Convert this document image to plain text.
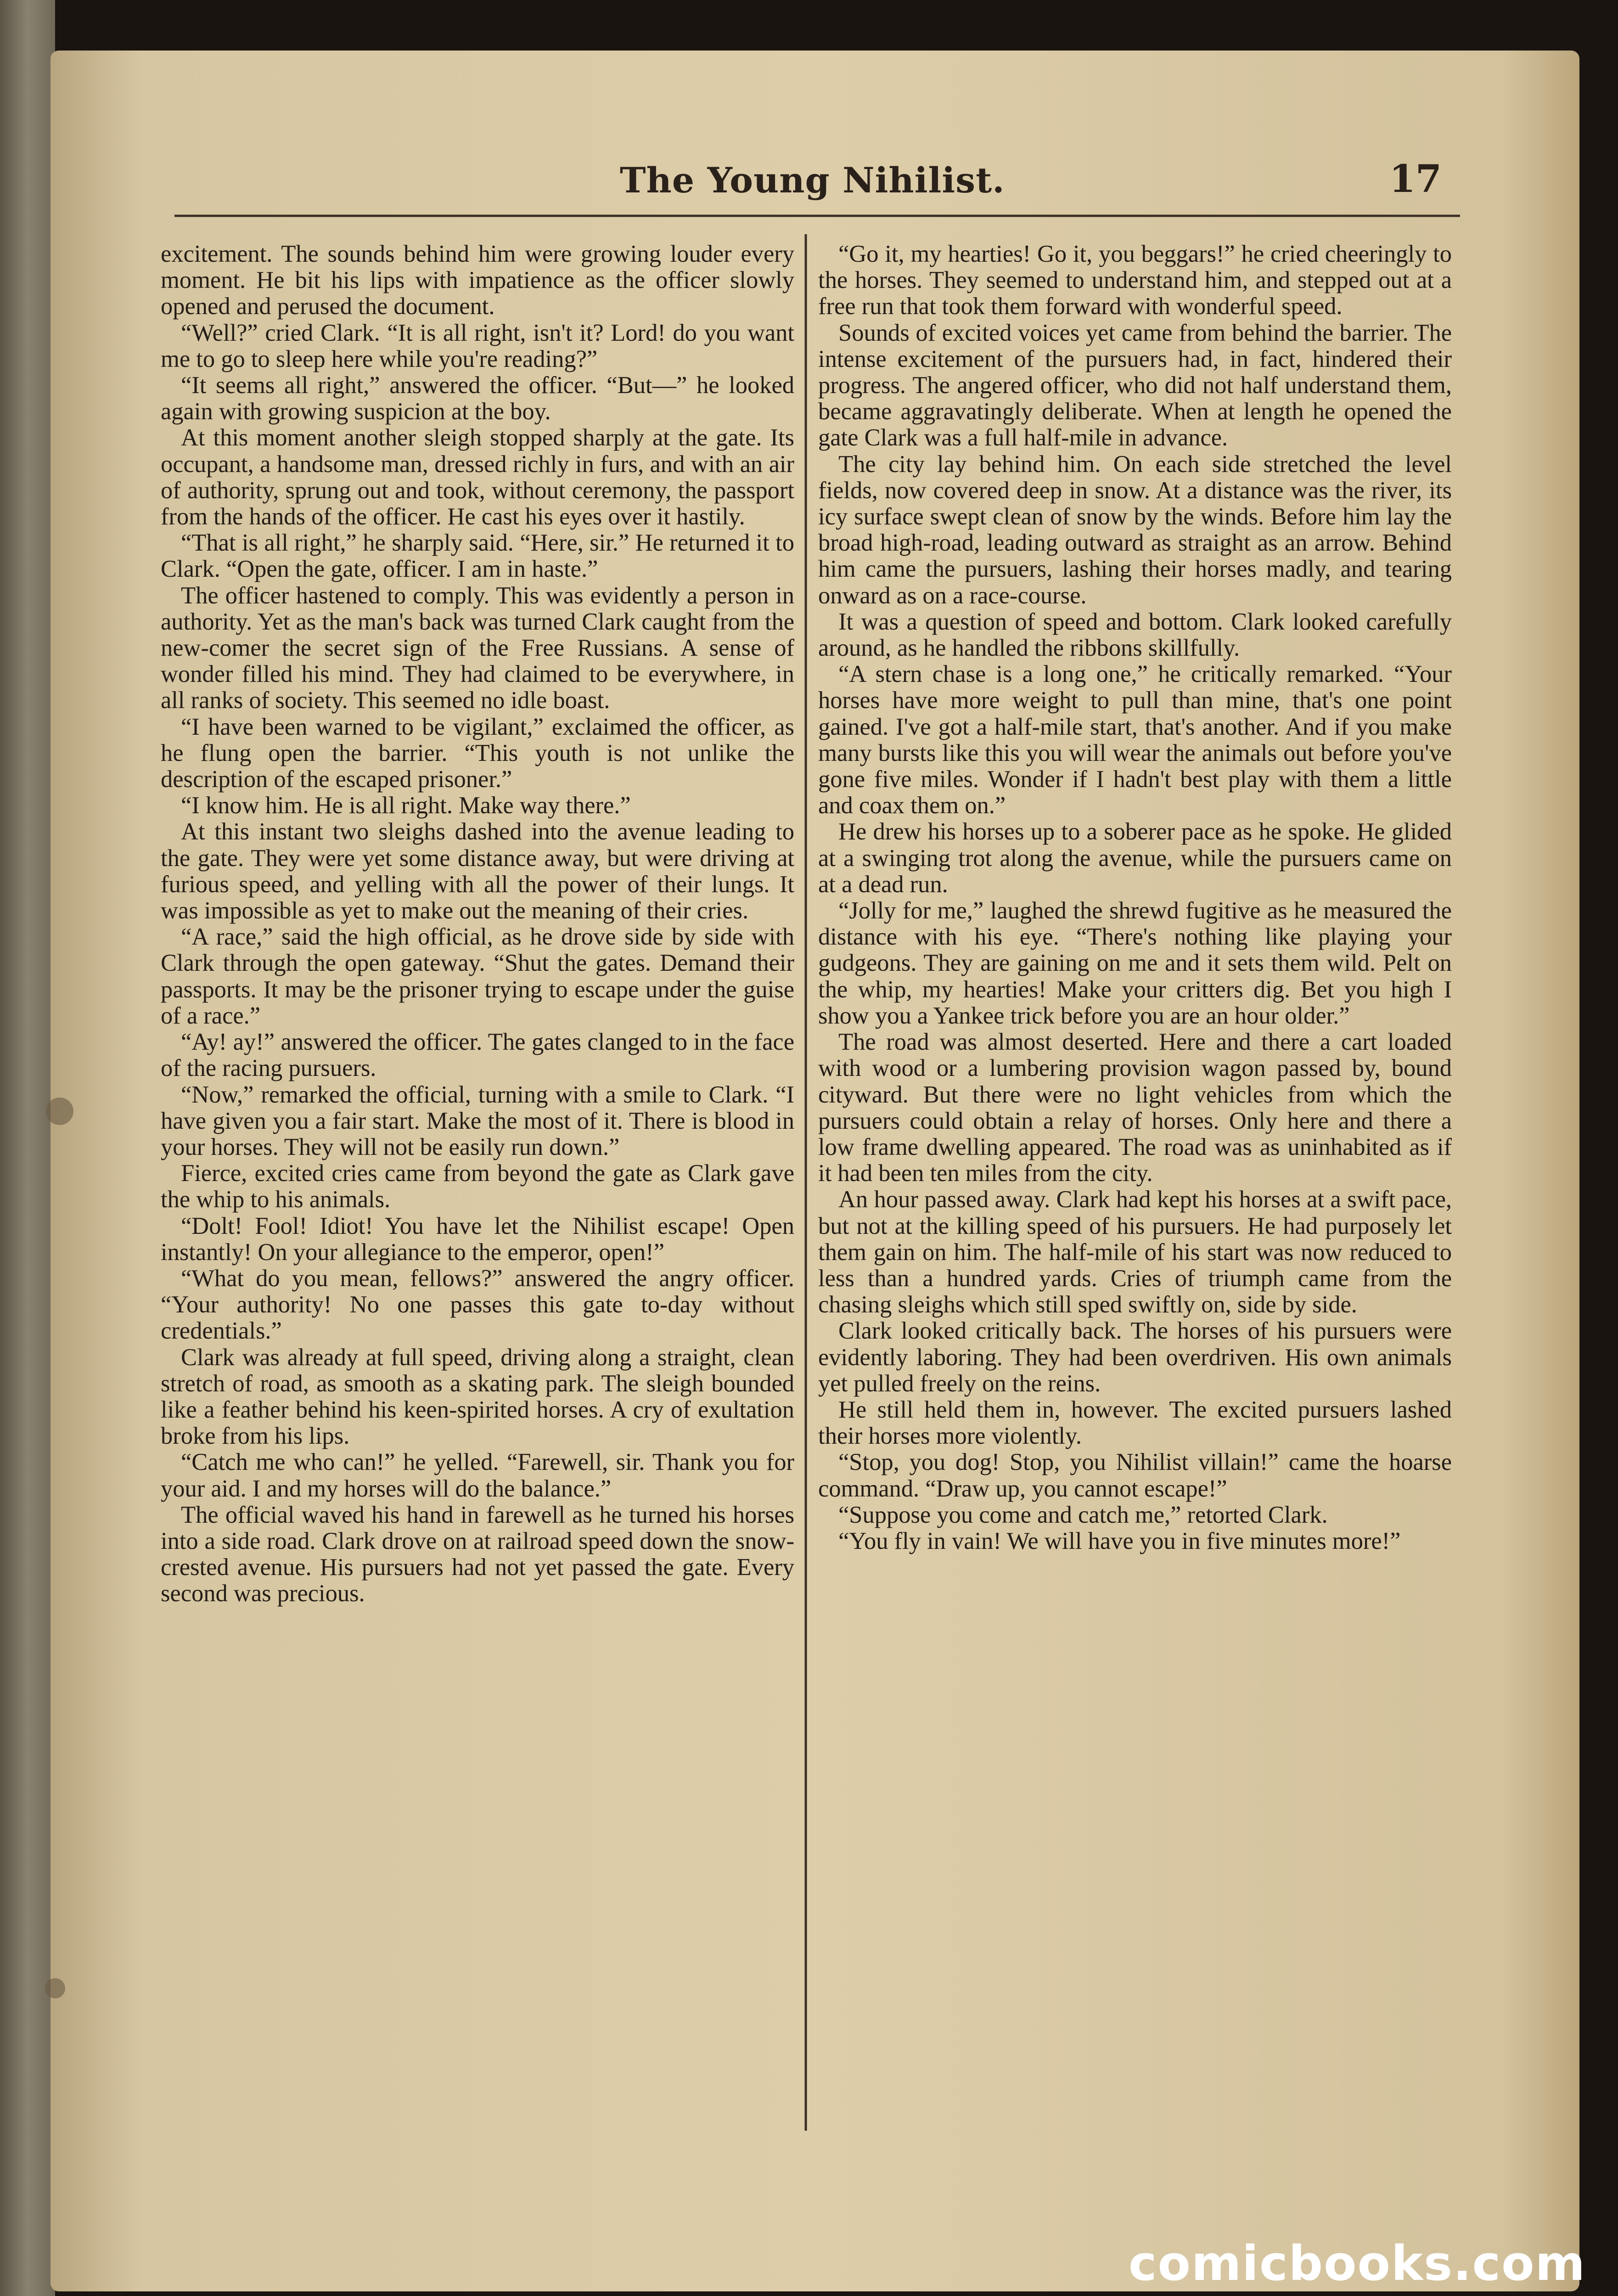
The Young Nihilist.	17

excitement. The sounds behind him were growing louder every moment. He bit his lips with impatience as the officer slowly opened and perused the document.

“Well?” cried Clark. “It is all right, isn't it? Lord! do you want me to go to sleep here while you're reading?”

“It seems all right,” answered the officer. “But—” he looked again with growing suspicion at the boy.

At this moment another sleigh stopped sharply at the gate. Its occupant, a handsome man, dressed richly in furs, and with an air of authority, sprung out and took, without ceremony, the passport from the hands of the officer. He cast his eyes over it hastily.

“That is all right,” he sharply said. “Here, sir.” He returned it to Clark. “Open the gate, officer. I am in haste.”

The officer hastened to comply. This was evidently a person in authority. Yet as the man's back was turned Clark caught from the new-comer the secret sign of the Free Russians. A sense of wonder filled his mind. They had claimed to be everywhere, in all ranks of society. This seemed no idle boast.

“I have been warned to be vigilant,” exclaimed the officer, as he flung open the barrier. “This youth is not unlike the description of the escaped prisoner.”

“I know him. He is all right. Make way there.”

At this instant two sleighs dashed into the avenue leading to the gate. They were yet some distance away, but were driving at furious speed, and yelling with all the power of their lungs. It was impossible as yet to make out the meaning of their cries.

“A race,” said the high official, as he drove side by side with Clark through the open gateway. “Shut the gates. Demand their passports. It may be the prisoner trying to escape under the guise of a race.”

“Ay! ay!” answered the officer. The gates clanged to in the face of the racing pursuers.

“Now,” remarked the official, turning with a smile to Clark. “I have given you a fair start. Make the most of it. There is blood in your horses. They will not be easily run down.”

Fierce, excited cries came from beyond the gate as Clark gave the whip to his animals.

“Dolt! Fool! Idiot! You have let the Nihilist escape! Open instantly! On your allegiance to the emperor, open!”

“What do you mean, fellows?” answered the angry officer. “Your authority! No one passes this gate to-day without credentials.”

Clark was already at full speed, driving along a straight, clean stretch of road, as smooth as a skating park. The sleigh bounded like a feather behind his keen-spirited horses. A cry of exultation broke from his lips.

“Catch me who can!” he yelled. “Farewell, sir. Thank you for your aid. I and my horses will do the balance.”

The official waved his hand in farewell as he turned his horses into a side road. Clark drove on at railroad speed down the snow-crested avenue. His pursuers had not yet passed the gate. Every second was precious.

“Go it, my hearties! Go it, you beggars!” he cried cheeringly to the horses. They seemed to understand him, and stepped out at a free run that took them forward with wonderful speed.

Sounds of excited voices yet came from behind the barrier. The intense excitement of the pursuers had, in fact, hindered their progress. The angered officer, who did not half understand them, became aggravatingly deliberate. When at length he opened the gate Clark was a full half-mile in advance.

The city lay behind him. On each side stretched the level fields, now covered deep in snow. At a distance was the river, its icy surface swept clean of snow by the winds. Before him lay the broad high-road, leading outward as straight as an arrow. Behind him came the pursuers, lashing their horses madly, and tearing onward as on a race-course.

It was a question of speed and bottom. Clark looked carefully around, as he handled the ribbons skillfully.

“A stern chase is a long one,” he critically remarked. “Your horses have more weight to pull than mine, that's one point gained. I've got a half-mile start, that's another. And if you make many bursts like this you will wear the animals out before you've gone five miles. Wonder if I hadn't best play with them a little and coax them on.”

He drew his horses up to a soberer pace as he spoke. He glided at a swinging trot along the avenue, while the pursuers came on at a dead run.

“Jolly for me,” laughed the shrewd fugitive as he measured the distance with his eye. “There's nothing like playing your gudgeons. They are gaining on me and it sets them wild. Pelt on the whip, my hearties! Make your critters dig. Bet you high I show you a Yankee trick before you are an hour older.”

The road was almost deserted. Here and there a cart loaded with wood or a lumbering provision wagon passed by, bound cityward. But there were no light vehicles from which the pursuers could obtain a relay of horses. Only here and there a low frame dwelling appeared. The road was as uninhabited as if it had been ten miles from the city.

An hour passed away. Clark had kept his horses at a swift pace, but not at the killing speed of his pursuers. He had purposely let them gain on him. The half-mile of his start was now reduced to less than a hundred yards. Cries of triumph came from the chasing sleighs which still sped swiftly on, side by side.

Clark looked critically back. The horses of his pursuers were evidently laboring. They had been overdriven. His own animals yet pulled freely on the reins.

He still held them in, however. The excited pursuers lashed their horses more violently.

“Stop, you dog! Stop, you Nihilist villain!” came the hoarse command. “Draw up, you cannot escape!”

“Suppose you come and catch me,” retorted Clark.

“You fly in vain! We will have you in five minutes more!”

comicbooks.com
